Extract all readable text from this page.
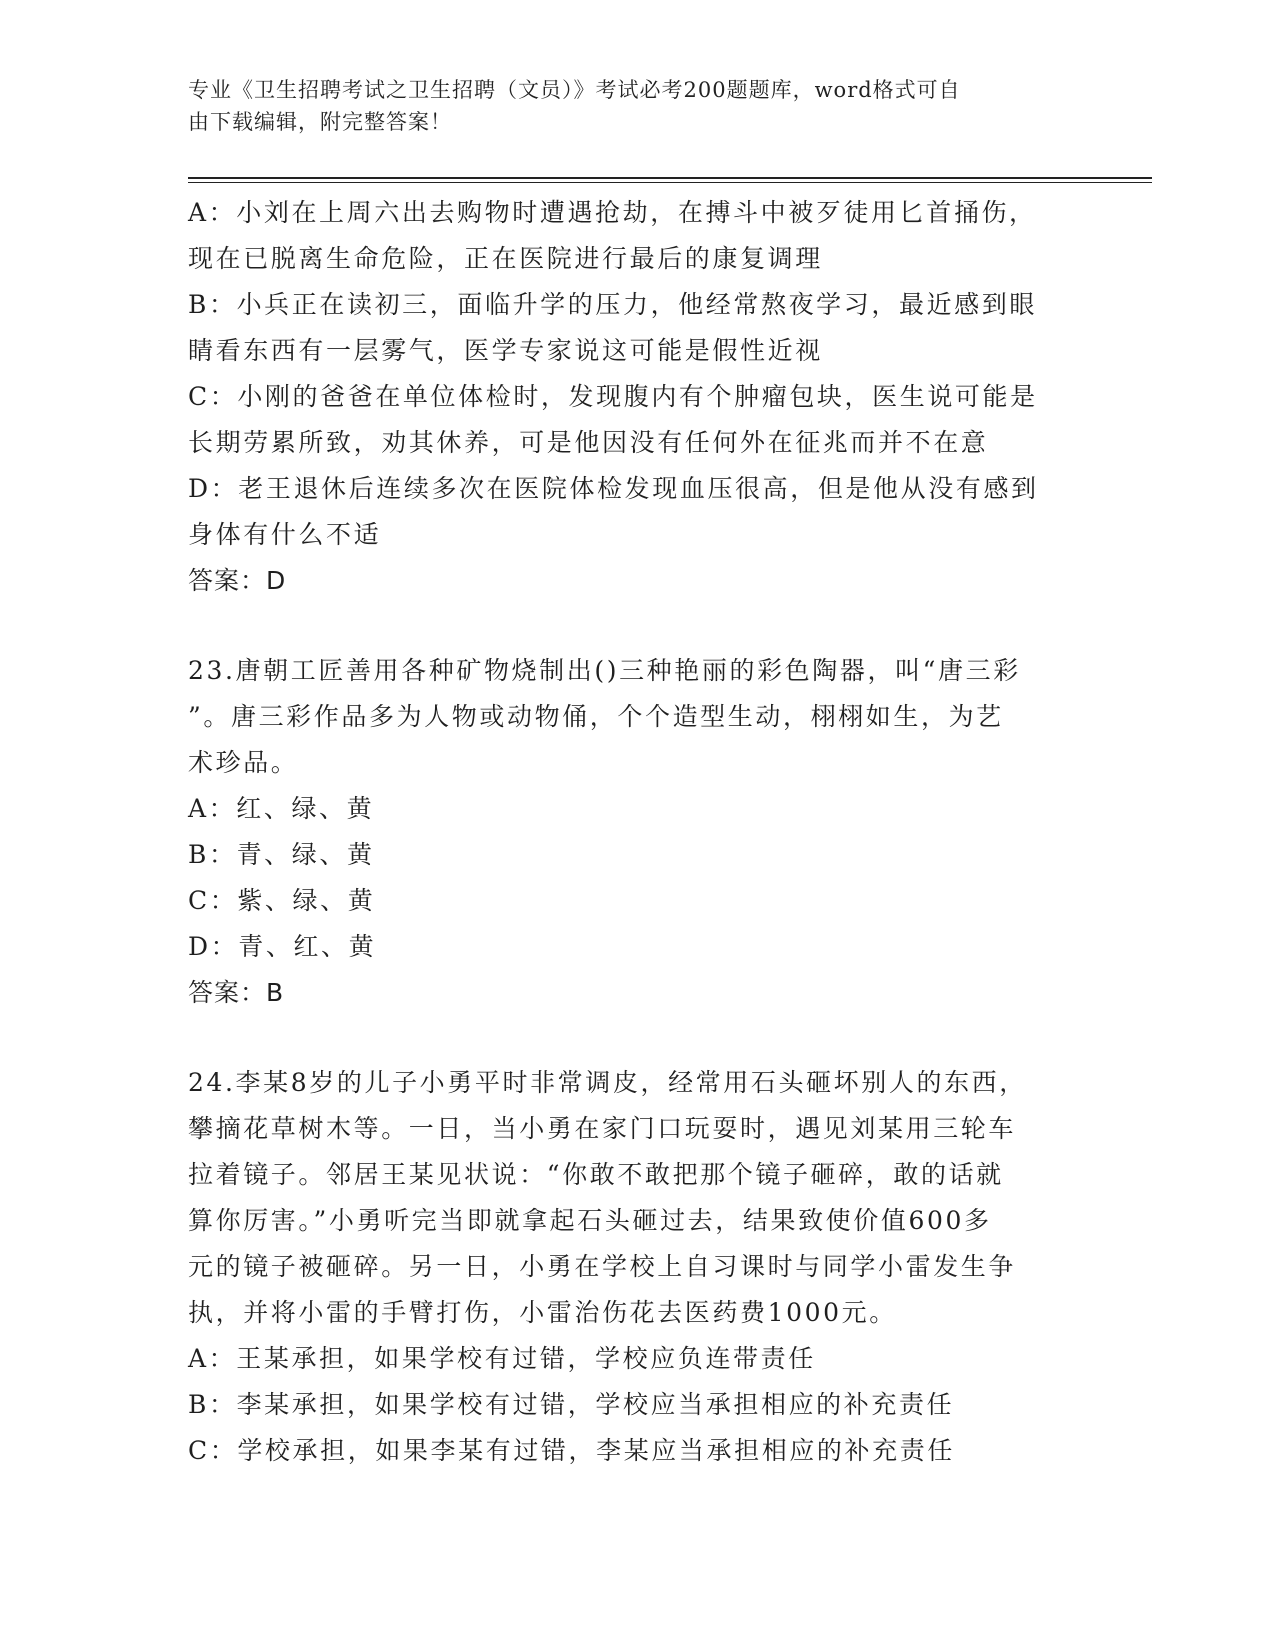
专业《卫生招聘考试之卫生招聘（文员）》考试必考200题题库，word格式可自
由下载编辑，附完整答案！
A：小刘在上周六出去购物时遭遇抢劫，在搏斗中被歹徒用匕首捅伤，
现在已脱离生命危险，正在医院进行最后的康复调理
B：小兵正在读初三，面临升学的压力，他经常熬夜学习，最近感到眼
睛看东西有一层雾气，医学专家说这可能是假性近视
C：小刚的爸爸在单位体检时，发现腹内有个肿瘤包块，医生说可能是
长期劳累所致，劝其休养，可是他因没有任何外在征兆而并不在意
D：老王退休后连续多次在医院体检发现血压很高，但是他从没有感到
身体有什么不适
答案：D
23.唐朝工匠善用各种矿物烧制出()三种艳丽的彩色陶器，叫“唐三彩
”。唐三彩作品多为人物或动物俑，个个造型生动，栩栩如生，为艺
术珍品。
A：红、绿、黄
B：青、绿、黄
C：紫、绿、黄
D：青、红、黄
答案：B
24.李某8岁的儿子小勇平时非常调皮，经常用石头砸坏别人的东西，
攀摘花草树木等。一日，当小勇在家门口玩耍时，遇见刘某用三轮车
拉着镜子。邻居王某见状说：“你敢不敢把那个镜子砸碎，敢的话就
算你厉害。”小勇听完当即就拿起石头砸过去，结果致使价值600多
元的镜子被砸碎。另一日，小勇在学校上自习课时与同学小雷发生争
执，并将小雷的手臂打伤，小雷治伤花去医药费1000元。
A：王某承担，如果学校有过错，学校应负连带责任
B：李某承担，如果学校有过错，学校应当承担相应的补充责任
C：学校承担，如果李某有过错，李某应当承担相应的补充责任
